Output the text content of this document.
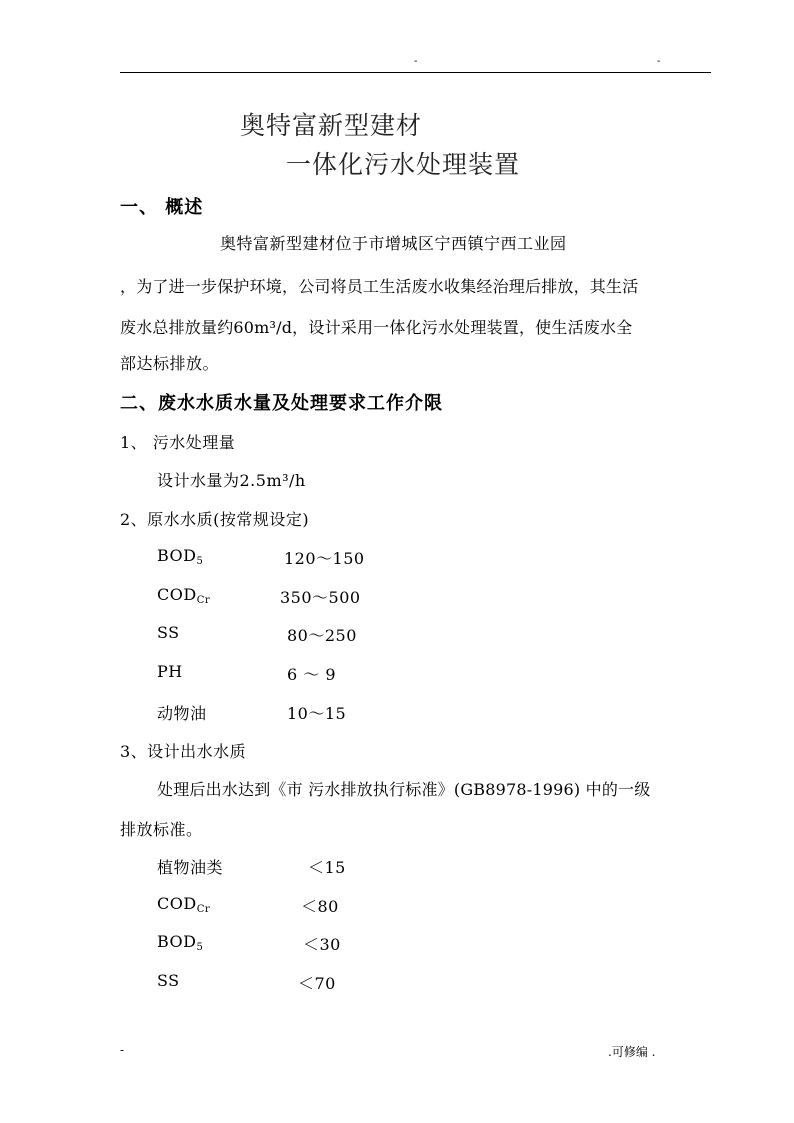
-	-
奥特富新型建材
一体化污水处理装置
一、 概述
奥特富新型建材位于市增城区宁西镇宁西工业园
，为了进一步保护环境，公司将员工生活废水收集经治理后排放，其生活
废水总排放量约60m³/d，设计采用一体化污水处理装置，使生活废水全
部达标排放。
二、废水水质水量及处理要求工作介限
1、 污水处理量
设计水量为2.5m³/h
2、原水水质(按常规设定)
$BOD_5$	120～150
$COD_{Cr}$	350～500
SS	80～250
PH	6 ～ 9
动物油	10～15
3、设计出水水质
处理后出水达到《市 污水排放执行标准》(GB8978-1996) 中的一级
排放标准。
植物油类	＜15
$COD_{Cr}$	＜80
$BOD_5$	＜30
SS	＜70
-	.可修编 .
